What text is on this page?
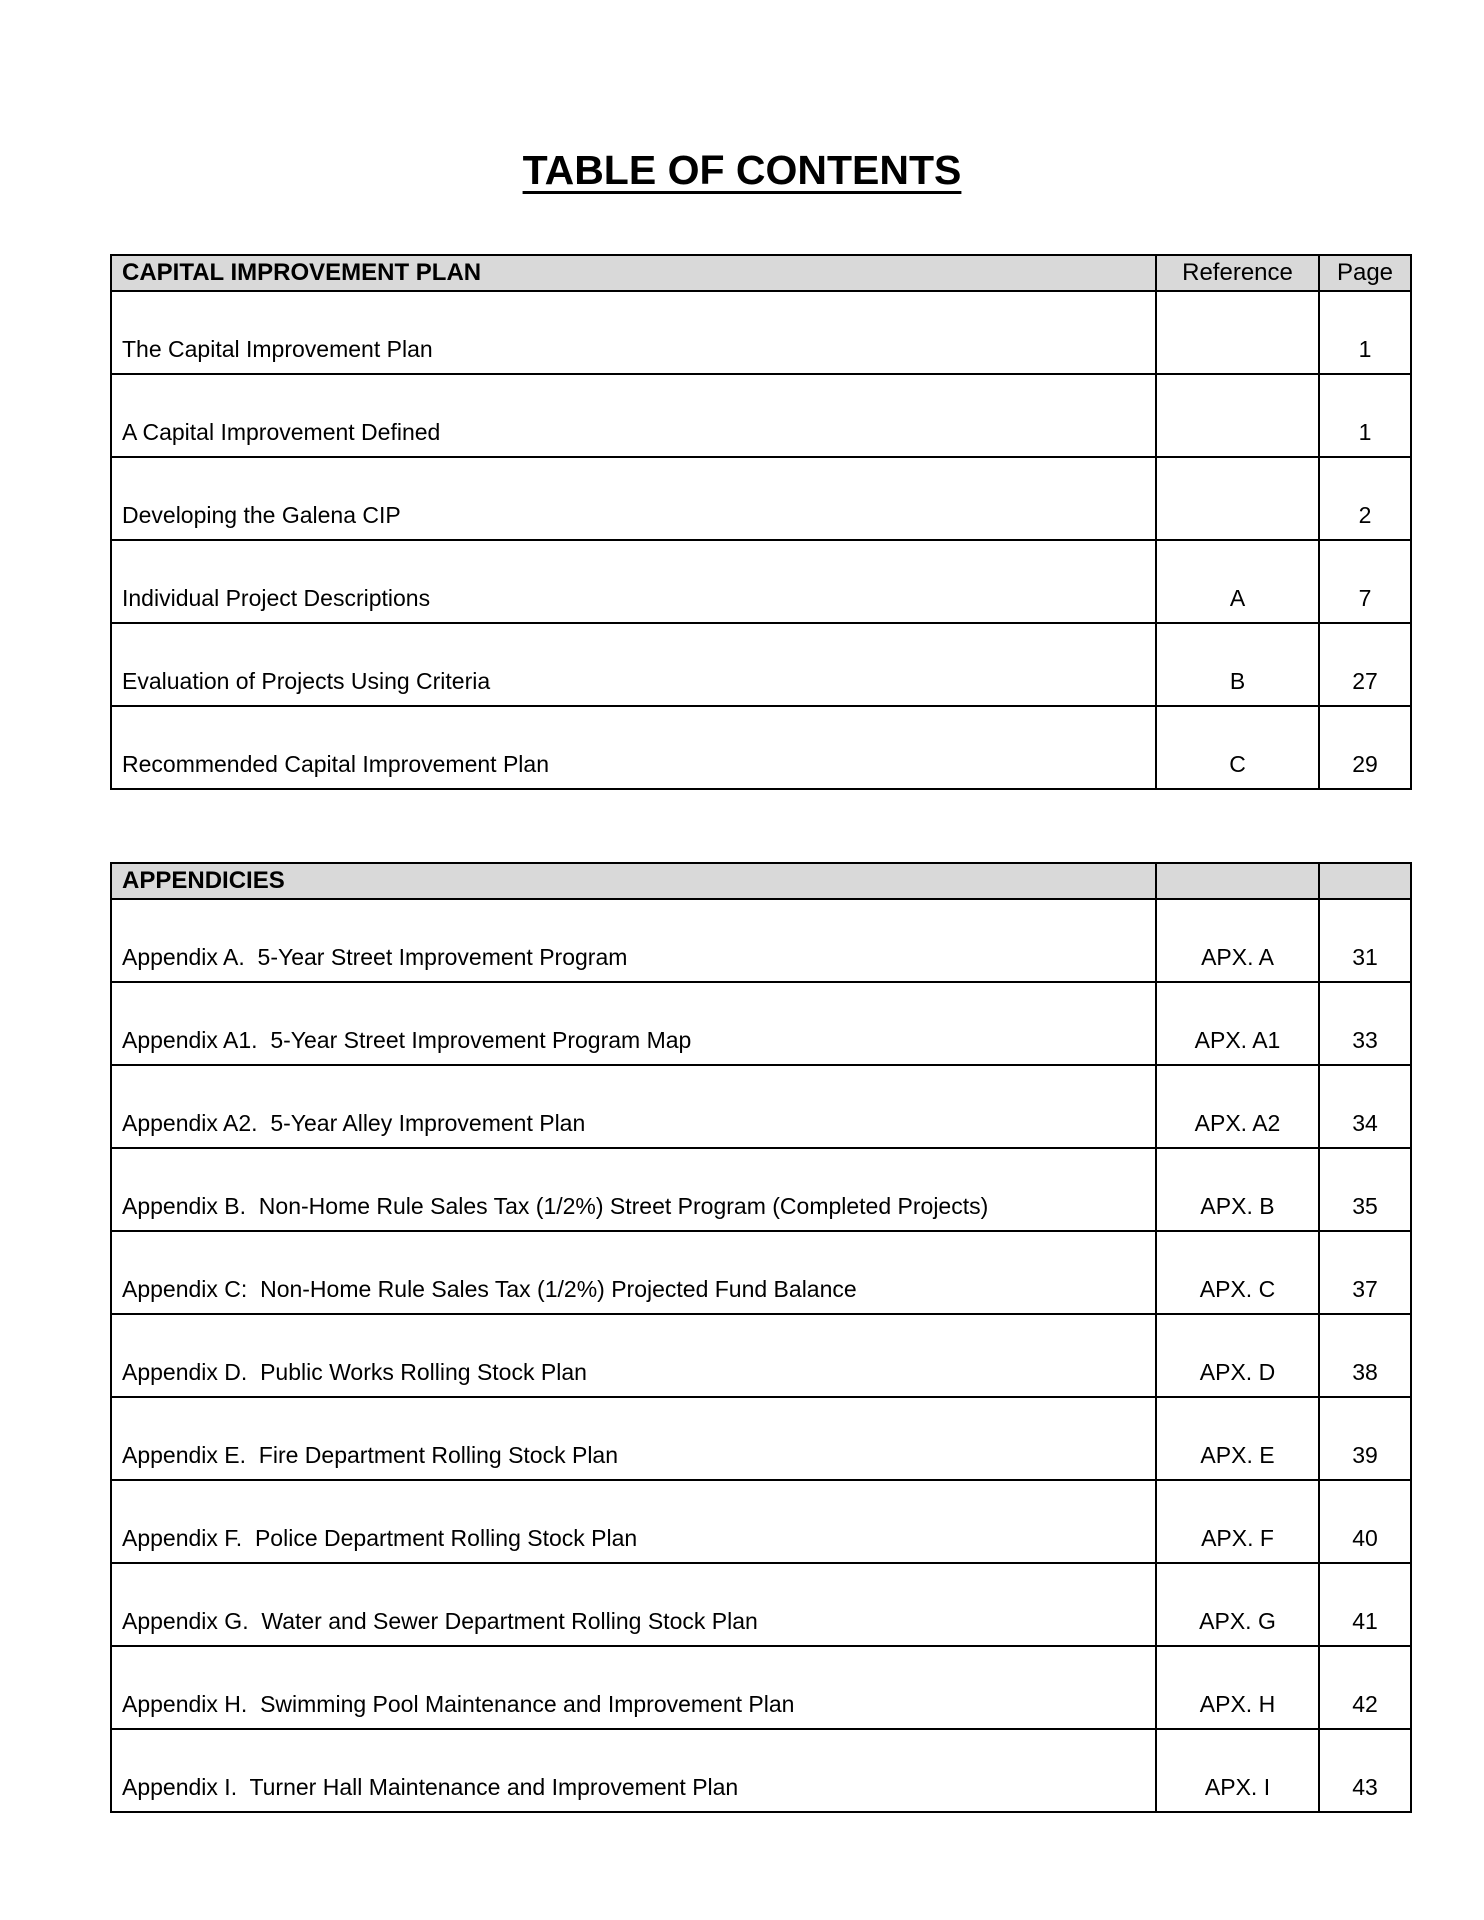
TABLE OF CONTENTS
CAPITAL IMPROVEMENT PLAN	Reference	Page
The Capital Improvement Plan		1
A Capital Improvement Defined		1
Developing the Galena CIP		2
Individual Project Descriptions	A	7
Evaluation of Projects Using Criteria	B	27
Recommended Capital Improvement Plan	C	29
APPENDICIES		
Appendix A.  5-Year Street Improvement Program	APX. A	31
Appendix A1.  5-Year Street Improvement Program Map	APX. A1	33
Appendix A2.  5-Year Alley Improvement Plan	APX. A2	34
Appendix B.  Non-Home Rule Sales Tax (1/2%) Street Program (Completed Projects)	APX. B	35
Appendix C:  Non-Home Rule Sales Tax (1/2%) Projected Fund Balance	APX. C	37
Appendix D.  Public Works Rolling Stock Plan	APX. D	38
Appendix E.  Fire Department Rolling Stock Plan	APX. E	39
Appendix F.  Police Department Rolling Stock Plan	APX. F	40
Appendix G.  Water and Sewer Department Rolling Stock Plan	APX. G	41
Appendix H.  Swimming Pool Maintenance and Improvement Plan	APX. H	42
Appendix I.  Turner Hall Maintenance and Improvement Plan	APX. I	43
